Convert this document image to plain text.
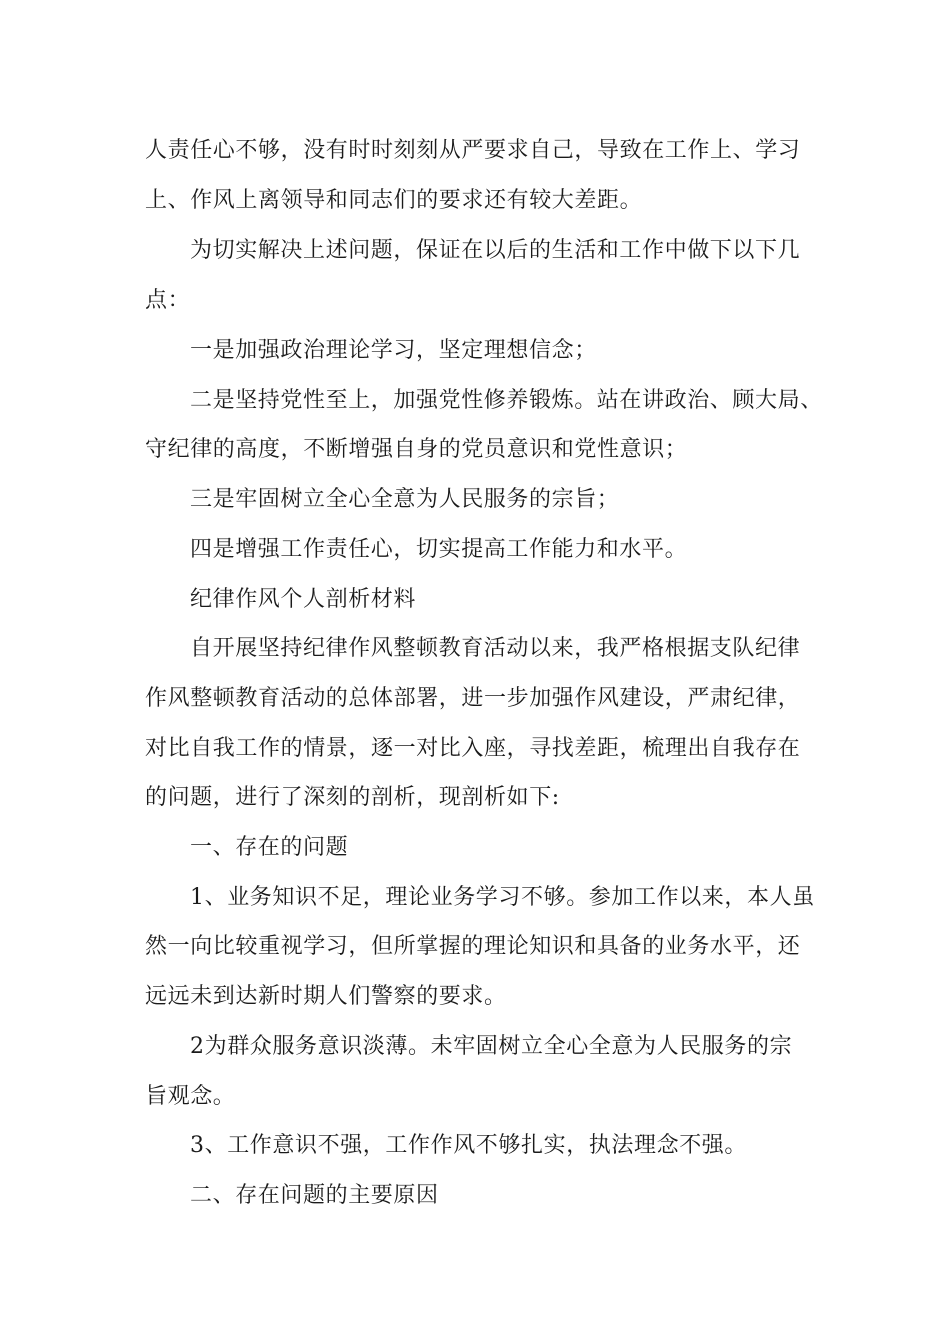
人责任心不够，没有时时刻刻从严要求自己，导致在工作上、学习
上、作风上离领导和同志们的要求还有较大差距。
为切实解决上述问题，保证在以后的生活和工作中做下以下几
点：
一是加强政治理论学习，坚定理想信念；
二是坚持党性至上，加强党性修养锻炼。站在讲政治、顾大局、
守纪律的高度，不断增强自身的党员意识和党性意识；
三是牢固树立全心全意为人民服务的宗旨；
四是增强工作责任心，切实提高工作能力和水平。
纪律作风个人剖析材料
自开展坚持纪律作风整顿教育活动以来，我严格根据支队纪律
作风整顿教育活动的总体部署，进一步加强作风建设，严肃纪律，
对比自我工作的情景，逐一对比入座，寻找差距，梳理出自我存在
的问题，进行了深刻的剖析，现剖析如下:
一、存在的问题
1、业务知识不足，理论业务学习不够。参加工作以来，本人虽
然一向比较重视学习，但所掌握的理论知识和具备的业务水平，还
远远未到达新时期人们警察的要求。
2为群众服务意识淡薄。未牢固树立全心全意为人民服务的宗
旨观念。
3、工作意识不强，工作作风不够扎实，执法理念不强。
二、存在问题的主要原因
